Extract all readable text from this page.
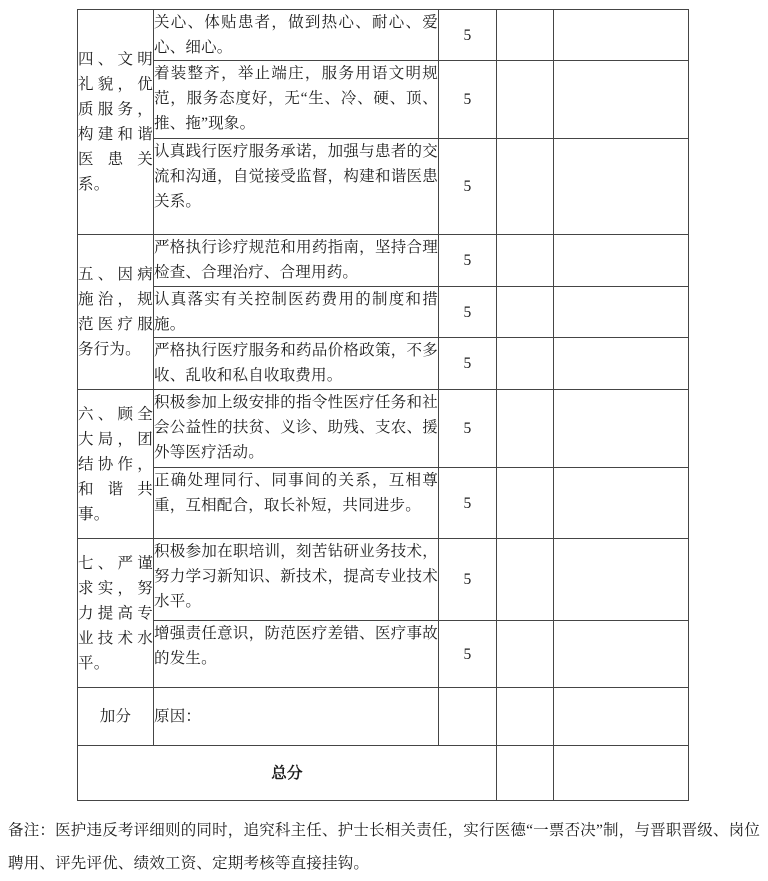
四、文明礼貌，优质服务，构建和谐医患关系。	关心、体贴患者，做到热心、耐心、爱心、细心。	5		
	着装整齐，举止端庄，服务用语文明规范，服务态度好，无“生、冷、硬、顶、推、拖”现象。	5		
	认真践行医疗服务承诺，加强与患者的交流和沟通，自觉接受监督，构建和谐医患关系。	5		
五、因病施治，规范医疗服务行为。	严格执行诊疗规范和用药指南，坚持合理检查、合理治疗、合理用药。	5		
	认真落实有关控制医药费用的制度和措施。	5		
	严格执行医疗服务和药品价格政策，不多收、乱收和私自收取费用。	5		
六、顾全大局，团结协作，和谐共事。	积极参加上级安排的指令性医疗任务和社会公益性的扶贫、义诊、助残、支农、援外等医疗活动。	5		
	正确处理同行、同事间的关系，互相尊重，互相配合，取长补短，共同进步。	5		
七、严谨求实，努力提高专业技术水平。	积极参加在职培训，刻苦钻研业务技术，努力学习新知识、新技术，提高专业技术水平。	5		
	增强责任意识，防范医疗差错、医疗事故的发生。	5		
加分	原因：			
总分				
备注：医护违反考评细则的同时，追究科主任、护士长相关责任，实行医德“一票否决”制，与晋职晋级、岗位聘用、评先评优、绩效工资、定期考核等直接挂钩。
